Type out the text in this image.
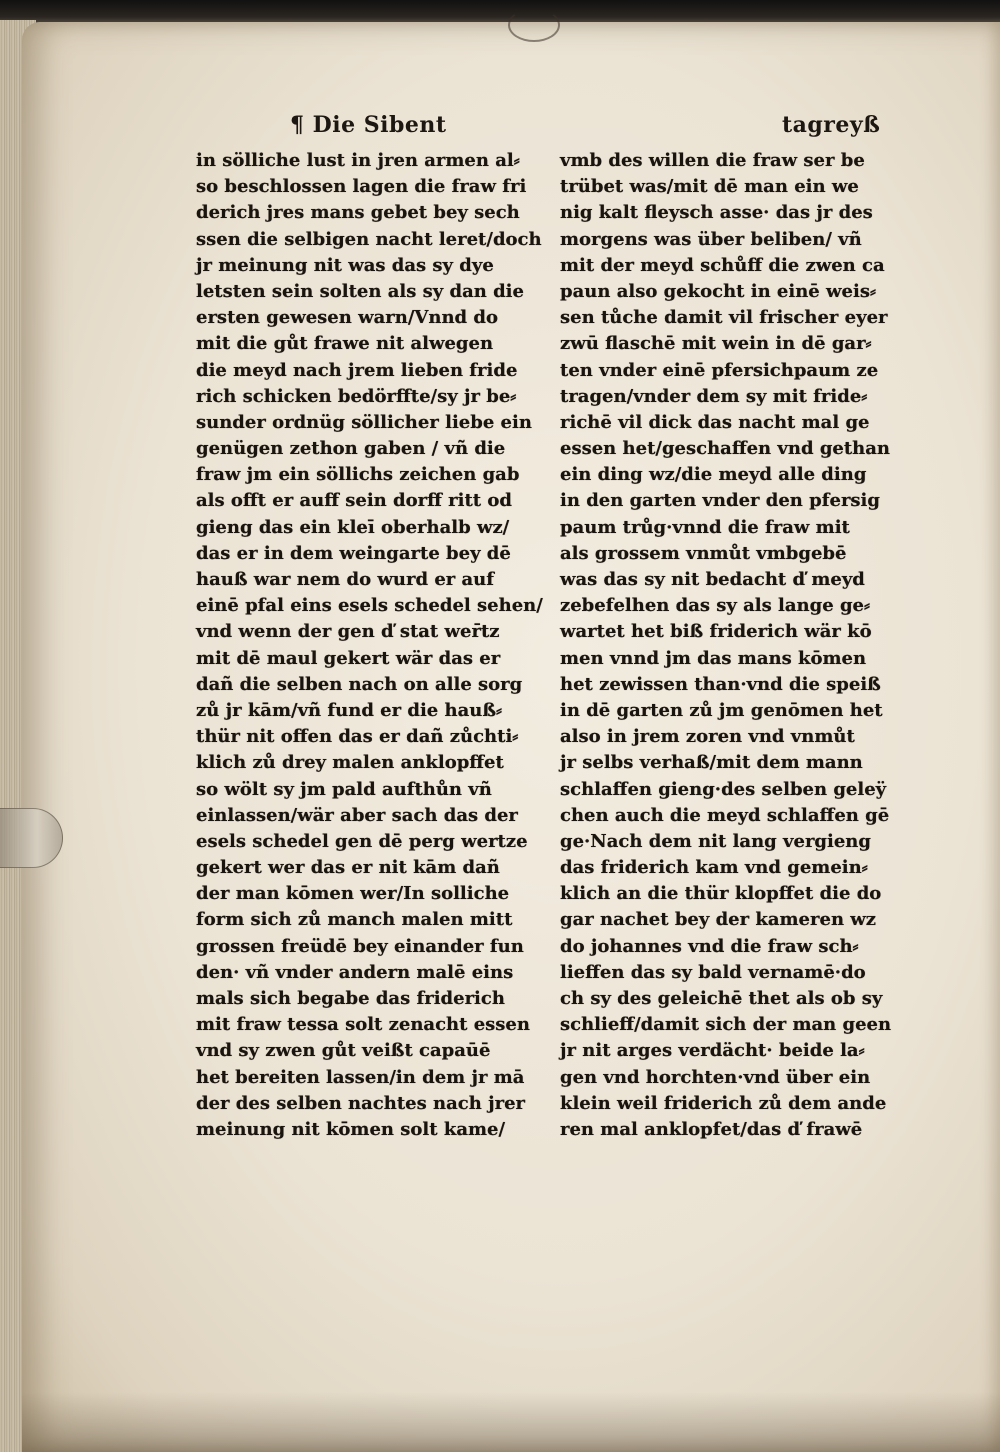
¶ Die Sibent	tagreyß
in sölliche lust in jren armen al⸗
so beschlossen lagen die fraw fri
derich jres mans gebet bey sech
ssen die selbigen nacht leret/doch
jr meinung nit was das sy dye
letsten sein solten als sy dan die
ersten gewesen warn/Vnnd do
mit die gůt frawe nit alwegen
die meyd nach jrem lieben fride
rich schicken bedörffte/sy jr be⸗
sunder ordnüg söllicher liebe ein
genügen zethon gaben / vñ die
fraw jm ein söllichs zeichen gab
als offt er auff sein dorff ritt od
gieng das ein kleī oberhalb wz/
das er in dem weingarte bey dē
hauß war nem do wurd er auf
einē pfal eins esels schedel sehen/
vnd wenn der gen ď stat wer̄tz
mit dē maul gekert wär das er
dañ die selben nach on alle sorg
zů jr kām/vñ fund er die hauß⸗
thür nit offen das er dañ zůchti⸗
klich zů drey malen anklopffet
so wölt sy jm pald aufthůn vñ
einlassen/wär aber sach das der
esels schedel gen dē perg wertze
gekert wer das er nit kām dañ
der man kōmen wer/In solliche
form sich zů manch malen mitt
grossen freüdē bey einander fun
den· vñ vnder andern malē eins
mals sich begabe das friderich
mit fraw tessa solt zenacht essen
vnd sy zwen gůt veißt capaūē
het bereiten lassen/in dem jr mā
der des selben nachtes nach jrer
meinung nit kōmen solt kame/
vmb des willen die fraw ser be
trübet was/mit dē man ein we
nig kalt fleysch asse· das jr des
morgens was über beliben/ vñ
mit der meyd schůff die zwen ca
paun also gekocht in einē weis⸗
sen tůche damit vil frischer eyer
zwū flaschē mit wein in dē gar⸗
ten vnder einē pfersichpaum ze
tragen/vnder dem sy mit fride⸗
richē vil dick das nacht mal ge
essen het/geschaffen vnd gethan
ein ding wz/die meyd alle ding
in den garten vnder den pfersig
paum trůg·vnnd die fraw mit
als grossem vnmůt vmbgebē
was das sy nit bedacht ď meyd
zebefelhen das sy als lange ge⸗
wartet het biß friderich wär kō
men vnnd jm das mans kōmen
het zewissen than·vnd die speiß
in dē garten zů jm genōmen het
also in jrem zoren vnd vnmůt
jr selbs verhaß/mit dem mann
schlaffen gieng·des selben geleÿ
chen auch die meyd schlaffen gē
ge·Nach dem nit lang vergieng
das friderich kam vnd gemein⸗
klich an die thür klopffet die do
gar nachet bey der kameren wz
do johannes vnd die fraw sch⸗
lieffen das sy bald vernamē·do
ch sy des geleichē thet als ob sy
schlieff/damit sich der man geen
jr nit arges verdächt· beide la⸗
gen vnd horchten·vnd über ein
klein weil friderich zů dem ande
ren mal anklopfet/das ď frawē
